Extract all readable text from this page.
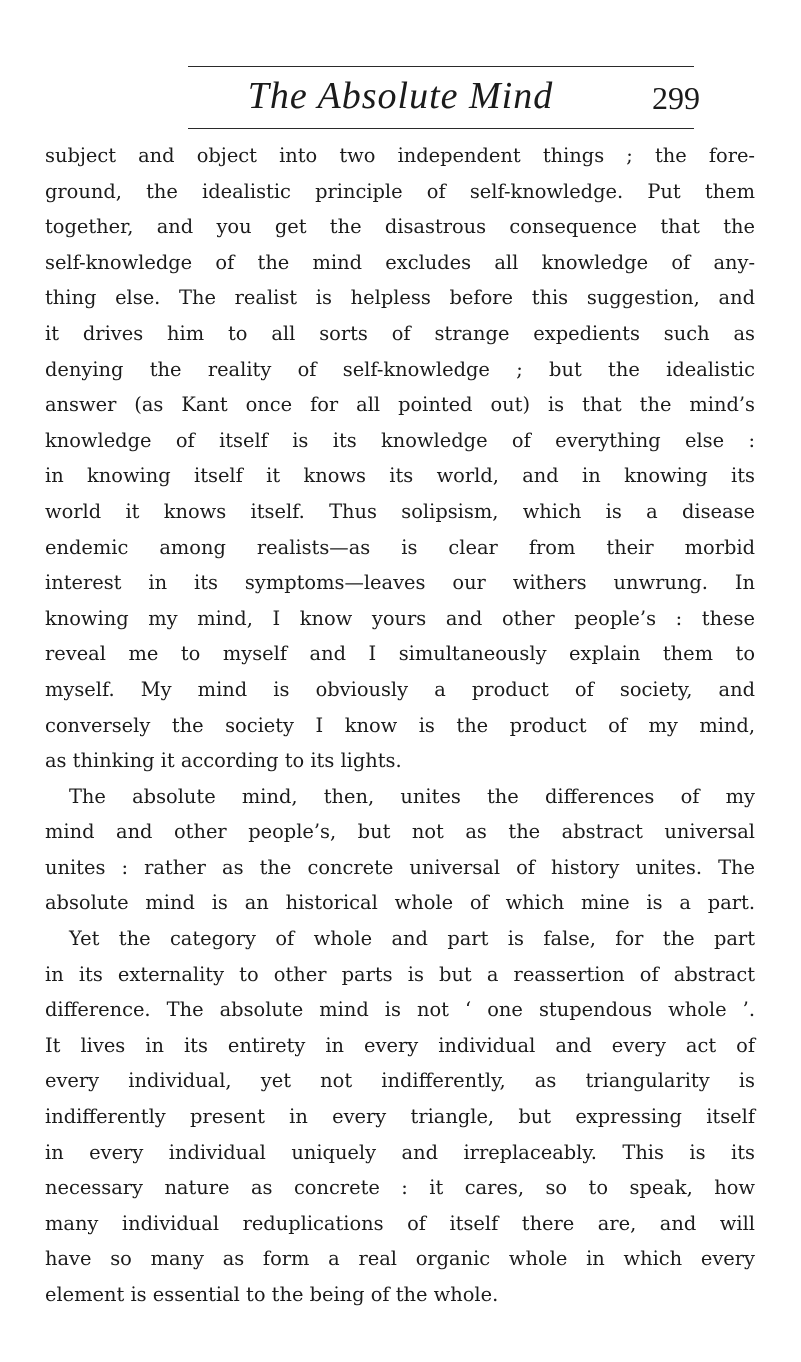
The Absolute Mind	299
subject and object into two independent things ; the fore-
ground, the idealistic principle of self-knowledge. Put them
together, and you get the disastrous consequence that the
self-knowledge of the mind excludes all knowledge of any-
thing else. The realist is helpless before this suggestion, and
it drives him to all sorts of strange expedients such as
denying the reality of self-knowledge ; but the idealistic
answer (as Kant once for all pointed out) is that the mind’s
knowledge of itself is its knowledge of everything else :
in knowing itself it knows its world, and in knowing its
world it knows itself. Thus solipsism, which is a disease
endemic among realists—as is clear from their morbid
interest in its symptoms—leaves our withers unwrung. In
knowing my mind, I know yours and other people’s : these
reveal me to myself and I simultaneously explain them to
myself. My mind is obviously a product of society, and
conversely the society I know is the product of my mind,
as thinking it according to its lights.
The absolute mind, then, unites the differences of my
mind and other people’s, but not as the abstract universal
unites : rather as the concrete universal of history unites. The
absolute mind is an historical whole of which mine is a part.
Yet the category of whole and part is false, for the part
in its externality to other parts is but a reassertion of abstract
difference. The absolute mind is not ‘ one stupendous whole ’.
It lives in its entirety in every individual and every act of
every individual, yet not indifferently, as triangularity is
indifferently present in every triangle, but expressing itself
in every individual uniquely and irreplaceably. This is its
necessary nature as concrete : it cares, so to speak, how
many individual reduplications of itself there are, and will
have so many as form a real organic whole in which every
element is essential to the being of the whole.
